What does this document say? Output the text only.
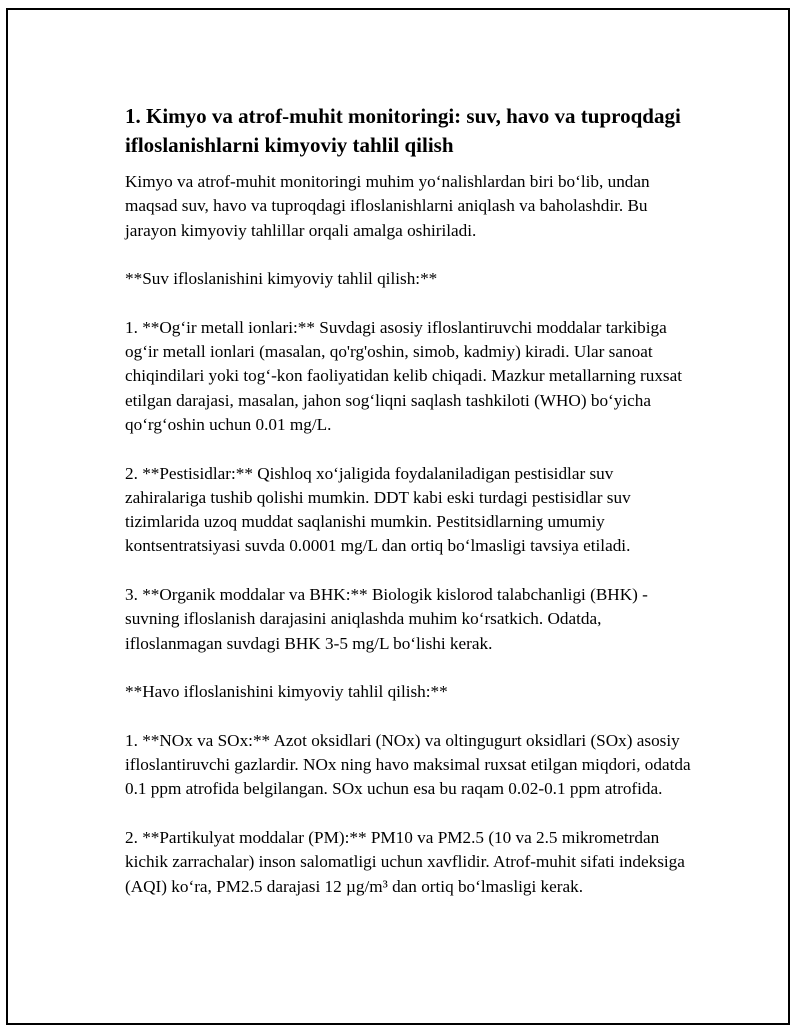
1. Kimyo va atrof-muhit monitoringi: suv, havo va tuproqdagi ifloslanishlarni kimyoviy tahlil qilish

Kimyo va atrof-muhit monitoringi muhim yo‘nalishlardan biri bo‘lib, undan maqsad suv, havo va tuproqdagi ifloslanishlarni aniqlash va baholashdir. Bu jarayon kimyoviy tahlillar orqali amalga oshiriladi.

**Suv ifloslanishini kimyoviy tahlil qilish:**

1. **Og‘ir metall ionlari:** Suvdagi asosiy ifloslantiruvchi moddalar tarkibiga og‘ir metall ionlari (masalan, qo'rg'oshin, simob, kadmiy) kiradi. Ular sanoat chiqindilari yoki tog‘-kon faoliyatidan kelib chiqadi. Mazkur metallarning ruxsat etilgan darajasi, masalan, jahon sog‘liqni saqlash tashkiloti (WHO) bo‘yicha qo‘rg‘oshin uchun 0.01 mg/L.

2. **Pestisidlar:** Qishloq xo‘jaligida foydalaniladigan pestisidlar suv zahiralariga tushib qolishi mumkin. DDT kabi eski turdagi pestisidlar suv tizimlarida uzoq muddat saqlanishi mumkin. Pestitsidlarning umumiy kontsentratsiyasi suvda 0.0001 mg/L dan ortiq bo‘lmasligi tavsiya etiladi.

3. **Organik moddalar va BHK:** Biologik kislorod talabchanligi (BHK) - suvning ifloslanish darajasini aniqlashda muhim ko‘rsatkich. Odatda, ifloslanmagan suvdagi BHK 3-5 mg/L bo‘lishi kerak.

**Havo ifloslanishini kimyoviy tahlil qilish:**

1. **NOx va SOx:** Azot oksidlari (NOx) va oltingugurt oksidlari (SOx) asosiy ifloslantiruvchi gazlardir. NOx ning havo maksimal ruxsat etilgan miqdori, odatda 0.1 ppm atrofida belgilangan. SOx uchun esa bu raqam 0.02-0.1 ppm atrofida.

2. **Partikulyat moddalar (PM):** PM10 va PM2.5 (10 va 2.5 mikrometrdan kichik zarrachalar) inson salomatligi uchun xavflidir. Atrof-muhit sifati indeksiga (AQI) ko‘ra, PM2.5 darajasi 12 µg/m³ dan ortiq bo‘lmasligi kerak.
